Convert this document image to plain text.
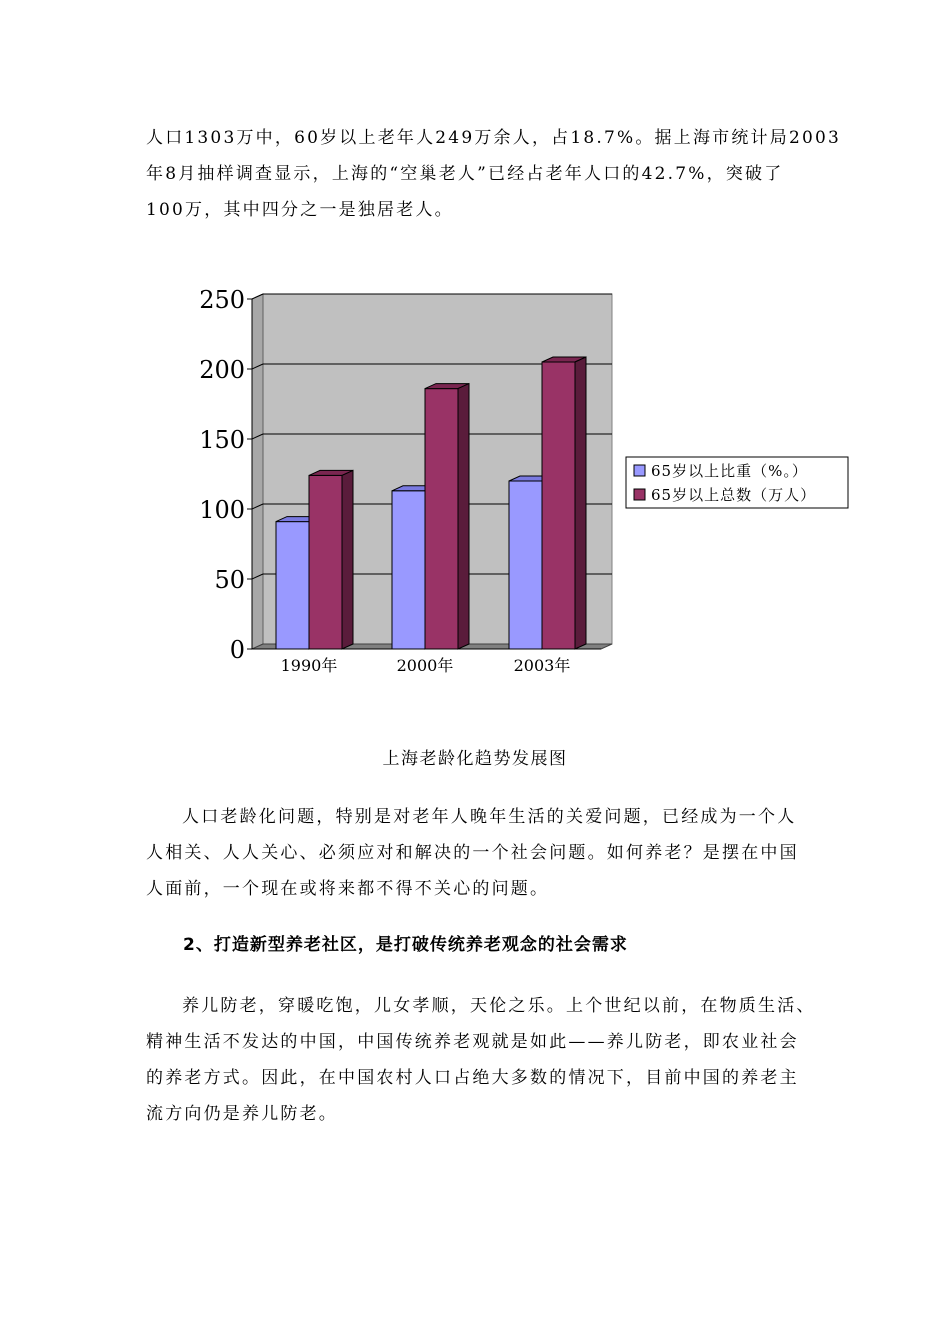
人口1303万中，60岁以上老年人249万余人，占18.7%。据上海市统计局2003
年8月抽样调查显示，上海的“空巢老人”已经占老年人口的42.7%，突破了
100万，其中四分之一是独居老人。

0
50
100
150
200
250
1990年	2000年	2003年
65岁以上比重（%。）
65岁以上总数（万人）

上海老龄化趋势发展图

人口老龄化问题，特别是对老年人晚年生活的关爱问题，已经成为一个人
人相关、人人关心、必须应对和解决的一个社会问题。如何养老？是摆在中国
人面前，一个现在或将来都不得不关心的问题。

2、打造新型养老社区，是打破传统养老观念的社会需求

养儿防老，穿暖吃饱，儿女孝顺，天伦之乐。上个世纪以前，在物质生活、
精神生活不发达的中国，中国传统养老观就是如此——养儿防老，即农业社会
的养老方式。因此，在中国农村人口占绝大多数的情况下，目前中国的养老主
流方向仍是养儿防老。
